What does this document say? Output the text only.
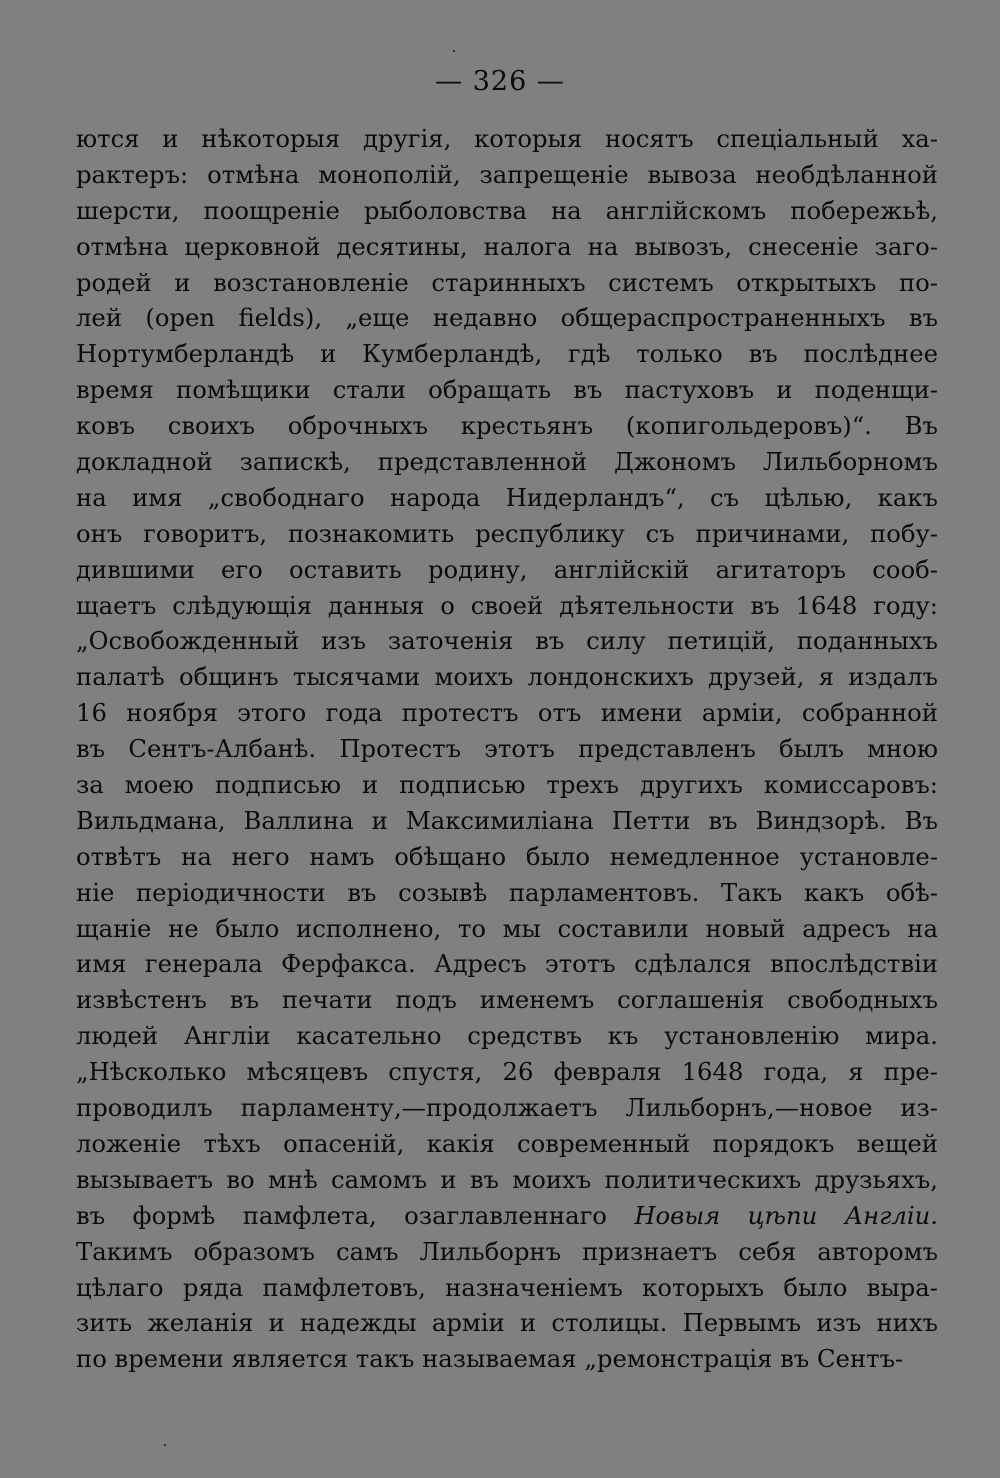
— 326 —
ются и нѣкоторыя другія, которыя носятъ спеціальный ха-
рактеръ: отмѣна монополій, запрещеніе вывоза необдѣланной
шерсти, поощреніе рыболовства на англійскомъ побережьѣ,
отмѣна церковной десятины, налога на вывозъ, снесеніе заго-
родей и возстановленіе старинныхъ системъ открытыхъ по-
лей (open fields), „еще недавно общераспространенныхъ въ
Нортумберландѣ и Кумберландѣ, гдѣ только въ послѣднее
время помѣщики стали обращать въ пастуховъ и поденщи-
ковъ своихъ оброчныхъ крестьянъ (копигольдеровъ)“. Въ
докладной запискѣ, представленной Джономъ Лильборномъ
на имя „свободнаго народа Нидерландъ“, съ цѣлью, какъ
онъ говоритъ, познакомить республику съ причинами, побу-
дившими его оставить родину, англійскій агитаторъ сооб-
щаетъ слѣдующія данныя о своей дѣятельности въ 1648 году:
„Освобожденный изъ заточенія въ силу петицій, поданныхъ
палатѣ общинъ тысячами моихъ лондонскихъ друзей, я издалъ
16 ноября этого года протестъ отъ имени арміи, собранной
въ Сентъ-Албанѣ. Протестъ этотъ представленъ былъ мною
за моею подписью и подписью трехъ другихъ комиссаровъ:
Вильдмана, Валлина и Максимиліана Петти въ Виндзорѣ. Въ
отвѣтъ на него намъ обѣщано было немедленное установле-
ніе періодичности въ созывѣ парламентовъ. Такъ какъ обѣ-
щаніе не было исполнено, то мы составили новый адресъ на
имя генерала Ферфакса. Адресъ этотъ сдѣлался впослѣдствіи
извѣстенъ въ печати подъ именемъ соглашенія свободныхъ
людей Англіи касательно средствъ къ установленію мира.
„Нѣсколько мѣсяцевъ спустя, 26 февраля 1648 года, я пре-
проводилъ парламенту,—продолжаетъ Лильборнъ,—новое из-
ложеніе тѣхъ опасеній, какія современный порядокъ вещей
вызываетъ во мнѣ самомъ и въ моихъ политическихъ друзьяхъ,
въ формѣ памфлета, озаглавленнаго Новыя цѣпи Англіи.
Такимъ образомъ самъ Лильборнъ признаетъ себя авторомъ
цѣлаго ряда памфлетовъ, назначеніемъ которыхъ было выра-
зить желанія и надежды арміи и столицы. Первымъ изъ нихъ
по времени является такъ называемая „ремонстрація въ Сентъ-
